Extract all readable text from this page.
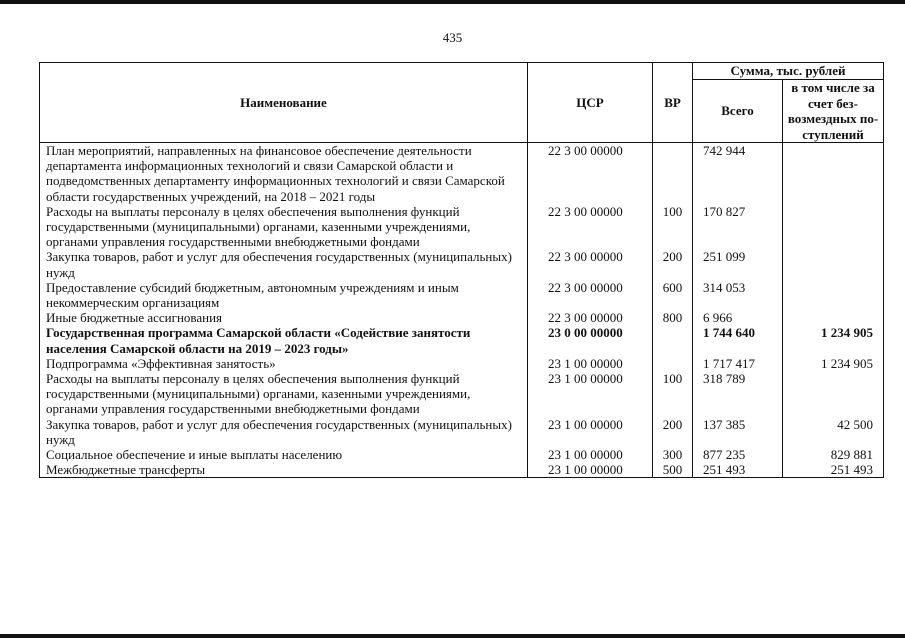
435
Наименование	ЦСР	ВР	Сумма, тыс. рублей	
			Всего	в том числе за счет без-возмездных по-ступлений
План мероприятий, направленных на финансовое обеспечение деятельности департамента информационных технологий и связи Самарской области и подведомственных департаменту информационных технологий и связи Самарской области государственных учреждений, на 2018 – 2021 годы	22 3 00 00000		742 944	
Расходы на выплаты персоналу в целях обеспечения выполнения функций государственными (муниципальными) органами, казенными учреждениями, органами управления государственными внебюджетными фондами	22 3 00 00000	100	170 827	
Закупка товаров, работ и услуг для обеспечения государственных (муниципальных) нужд	22 3 00 00000	200	251 099	
Предоставление субсидий бюджетным, автономным учреждениям и иным некоммерческим организациям	22 3 00 00000	600	314 053	
Иные бюджетные ассигнования	22 3 00 00000	800	6 966	
Государственная программа Самарской области «Содействие занятости населения Самарской области на 2019 – 2023 годы»	23 0 00 00000		1 744 640	1 234 905
Подпрограмма «Эффективная занятость»	23 1 00 00000		1 717 417	1 234 905
Расходы на выплаты персоналу в целях обеспечения выполнения функций государственными (муниципальными) органами, казенными учреждениями, органами управления государственными внебюджетными фондами	23 1 00 00000	100	318 789	
Закупка товаров, работ и услуг для обеспечения государственных (муниципальных) нужд	23 1 00 00000	200	137 385	42 500
Социальное обеспечение и иные выплаты населению	23 1 00 00000	300	877 235	829 881
Межбюджетные трансферты	23 1 00 00000	500	251 493	251 493
